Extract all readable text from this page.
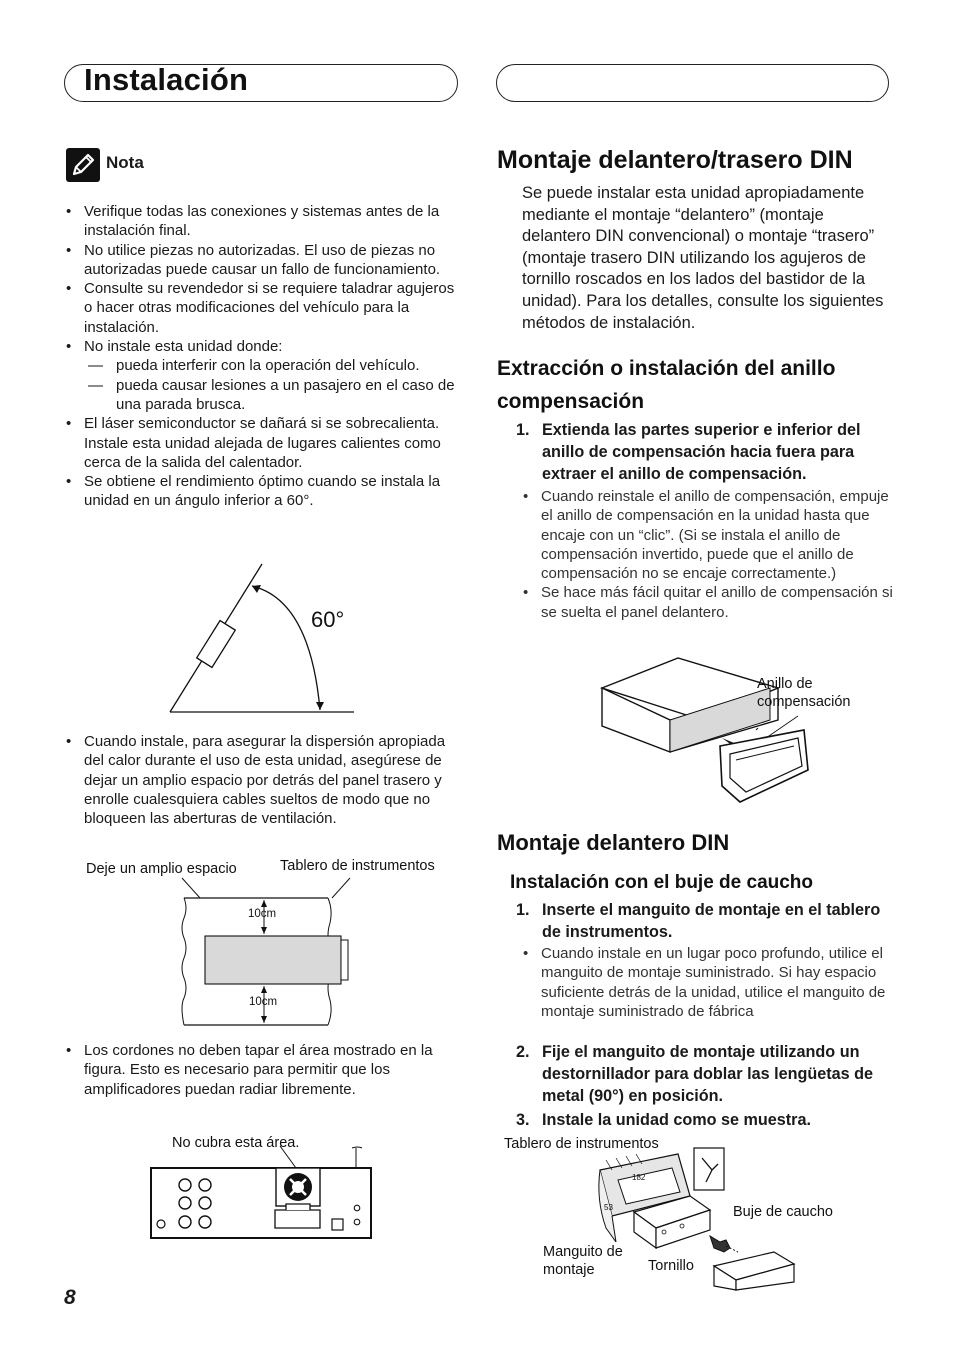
Instalación
Nota

• Verifique todas las conexiones y sistemas antes de la instalación final.

• No utilice piezas no autorizadas. El uso de piezas no autorizadas puede causar un fallo de funcionamiento.

• Consulte su revendedor si se requiere taladrar agujeros o hacer otras modificaciones del vehículo para la instalación.

• No instale esta unidad donde:

— pueda interferir con la operación del vehículo.

— pueda causar lesiones a un pasajero en el caso de una parada brusca.

• El láser semiconductor se dañará si se sobrecalienta. Instale esta unidad alejada de lugares calientes como cerca de la salida del calentador.

• Se obtiene el rendimiento óptimo cuando se instala la unidad en un ángulo inferior a 60°.

60°

• Cuando instale, para asegurar la dispersión apropiada del calor durante el uso de esta unidad, asegúrese de dejar un amplio espacio por detrás del panel trasero y enrolle cualesquiera cables sueltos de modo que no bloqueen las aberturas de ventilación.

Deje un amplio espacio	Tablero de instrumentos
10cm
10cm

• Los cordones no deben tapar el área mostrado en la figura. Esto es necesario para permitir que los amplificadores puedan radiar libremente.

No cubra esta área.
8
Montaje delantero/trasero DIN
Se puede instalar esta unidad apropiadamente mediante el montaje “delantero” (montaje delantero DIN convencional) o montaje “trasero” (montaje trasero DIN utilizando los agujeros de tornillo roscados en los lados del bastidor de la unidad). Para los detalles, consulte los siguientes métodos de instalación.
Extracción o instalación del anillo compensación
1. Extienda las partes superior e inferior del anillo de compensación hacia fuera para extraer el anillo de compensación.

• Cuando reinstale el anillo de compensación, empuje el anillo de compensación en la unidad hasta que encaje con un “clic”. (Si se instala el anillo de compensación invertido, puede que el anillo de compensación no se encaje correctamente.)

• Se hace más fácil quitar el anillo de compensación si se suelta el panel delantero.

Anillo de compensación
Montaje delantero DIN
Instalación con el buje de caucho
1. Inserte el manguito de montaje en el tablero de instrumentos.

• Cuando instale en un lugar poco profundo, utilice el manguito de montaje suministrado. Si hay espacio suficiente detrás de la unidad, utilice el manguito de montaje suministrado de fábrica

2. Fije el manguito de montaje utilizando un destornillador para doblar las lengüetas de metal (90°) en posición.
3. Instale la unidad como se muestra.
Tablero de instrumentos
182
53	Buje de caucho
Manguito de montaje	Tornillo
